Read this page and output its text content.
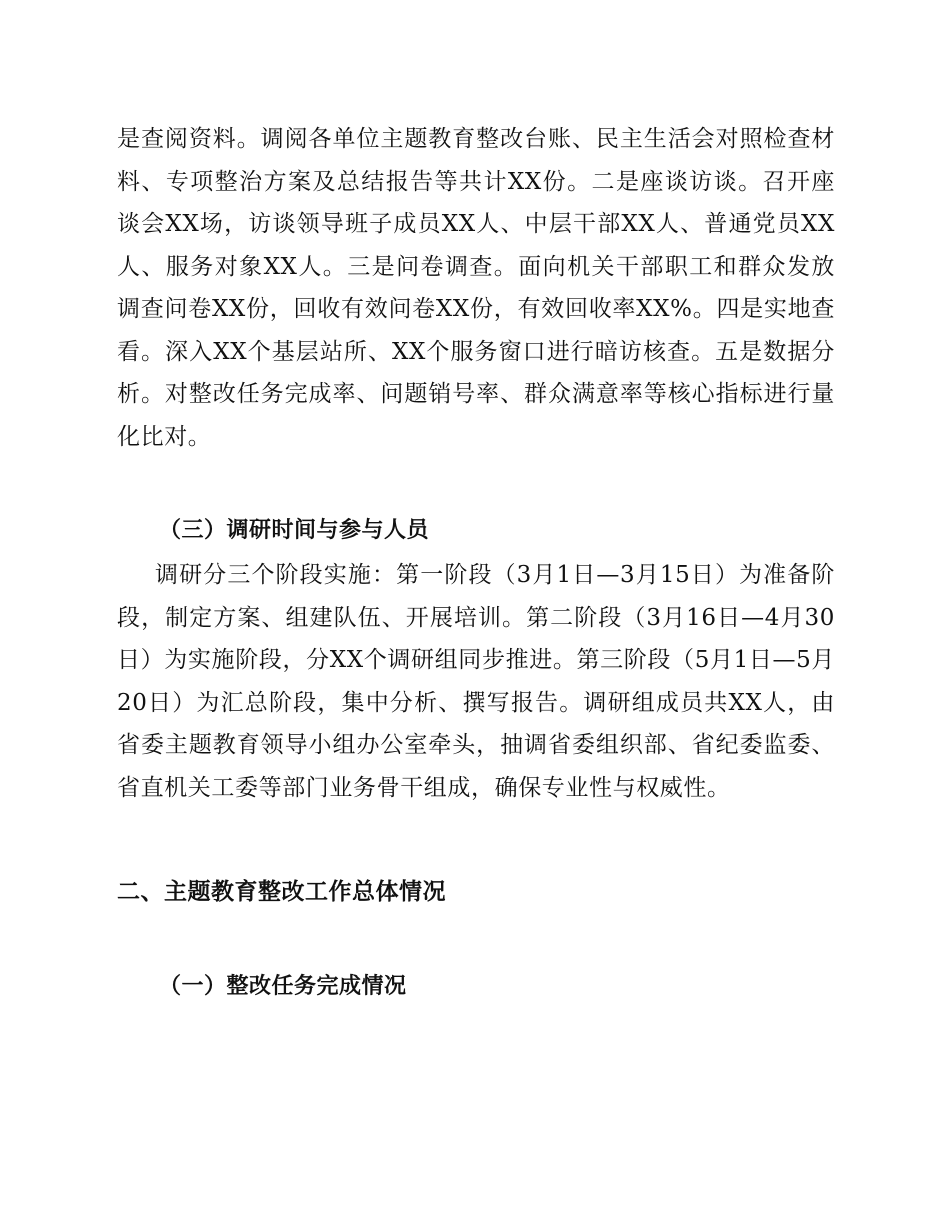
是查阅资料。调阅各单位主题教育整改台账、民主生活会对照检查材料、专项整治方案及总结报告等共计XX份。二是座谈访谈。召开座谈会XX场，访谈领导班子成员XX人、中层干部XX人、普通党员XX人、服务对象XX人。三是问卷调查。面向机关干部职工和群众发放调查问卷XX份，回收有效问卷XX份，有效回收率XX%。四是实地查看。深入XX个基层站所、XX个服务窗口进行暗访核查。五是数据分析。对整改任务完成率、问题销号率、群众满意率等核心指标进行量化比对。

（三）调研时间与参与人员

调研分三个阶段实施：第一阶段（3月1日—3月15日）为准备阶段，制定方案、组建队伍、开展培训。第二阶段（3月16日—4月30日）为实施阶段，分XX个调研组同步推进。第三阶段（5月1日—5月20日）为汇总阶段，集中分析、撰写报告。调研组成员共XX人，由省委主题教育领导小组办公室牵头，抽调省委组织部、省纪委监委、省直机关工委等部门业务骨干组成，确保专业性与权威性。

二、主题教育整改工作总体情况
（一）整改任务完成情况
